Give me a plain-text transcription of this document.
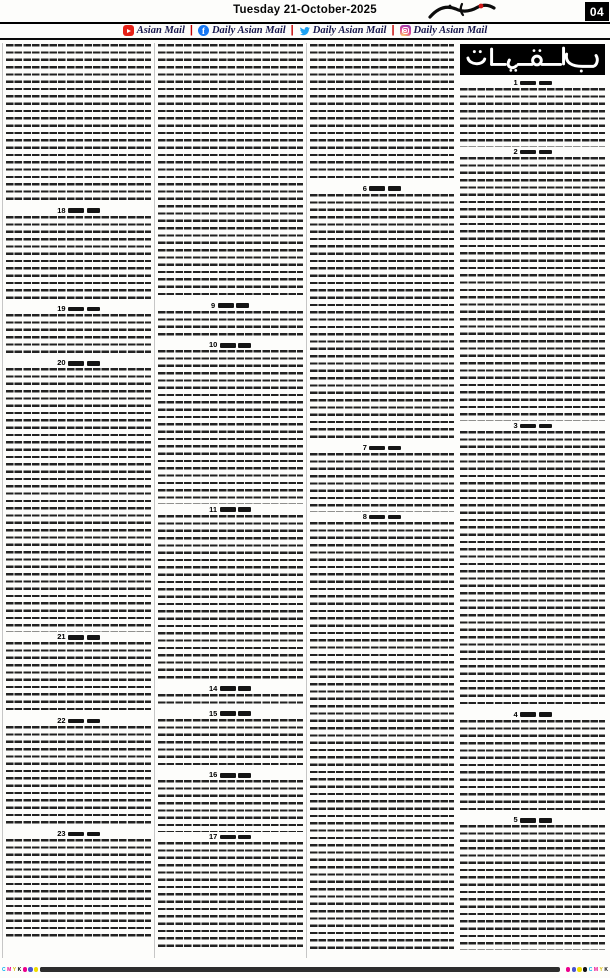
Tuesday 21-October-2025	04
Asian Mail |	f Daily Asian Mail | Daily Asian Mail | Daily Asian Mail
1
2
3
4
5
6
7
8
9
10
11
14
15
16
17
18
19
20
21
22
23
C M Y K	C M Y K
